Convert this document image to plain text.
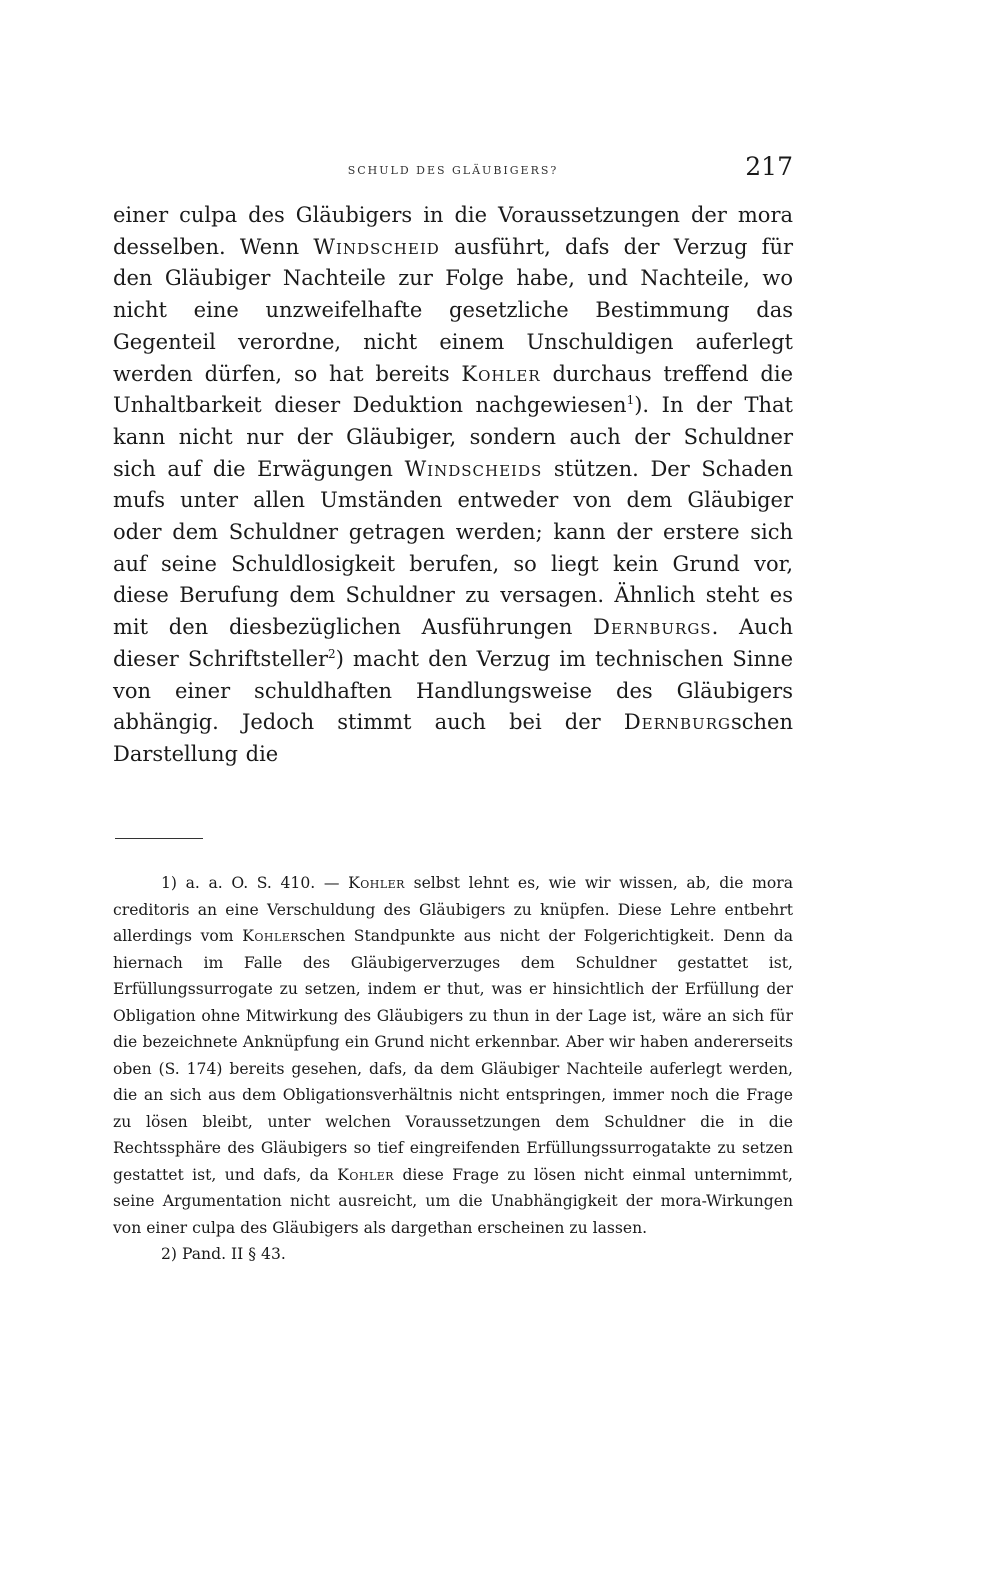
SCHULD DES GLÄUBIGERS?	217

einer culpa des Gläubigers in die Voraussetzungen der mora desselben. Wenn Windscheid ausführt, dafs der Verzug für den Gläubiger Nachteile zur Folge habe, und Nachteile, wo nicht eine unzweifelhafte gesetzliche Bestimmung das Gegenteil verordne, nicht einem Unschuldigen auferlegt werden dürfen, so hat bereits Kohler durchaus treffend die Unhaltbarkeit dieser Deduktion nachgewiesen$^1$). In der That kann nicht nur der Gläubiger, sondern auch der Schuldner sich auf die Erwägungen Windscheids stützen. Der Schaden mufs unter allen Umständen entweder von dem Gläubiger oder dem Schuldner getragen werden; kann der erstere sich auf seine Schuldlosigkeit berufen, so liegt kein Grund vor, diese Berufung dem Schuldner zu versagen. Ähnlich steht es mit den diesbezüglichen Ausführungen Dernburgs. Auch dieser Schriftsteller$^2$) macht den Verzug im technischen Sinne von einer schuldhaften Handlungsweise des Gläubigers abhängig. Jedoch stimmt auch bei der Dernburgschen Darstellung die

1) a. a. O. S. 410. — Kohler selbst lehnt es, wie wir wissen, ab, die mora creditoris an eine Verschuldung des Gläubigers zu knüpfen. Diese Lehre entbehrt allerdings vom Kohlerschen Standpunkte aus nicht der Folgerichtigkeit. Denn da hiernach im Falle des Gläubigerverzuges dem Schuldner gestattet ist, Erfüllungssurrogate zu setzen, indem er thut, was er hinsichtlich der Erfüllung der Obligation ohne Mitwirkung des Gläubigers zu thun in der Lage ist, wäre an sich für die bezeichnete Anknüpfung ein Grund nicht erkennbar. Aber wir haben andererseits oben (S. 174) bereits gesehen, dafs, da dem Gläubiger Nachteile auferlegt werden, die an sich aus dem Obligationsverhältnis nicht entspringen, immer noch die Frage zu lösen bleibt, unter welchen Voraussetzungen dem Schuldner die in die Rechtssphäre des Gläubigers so tief eingreifenden Erfüllungssurrogatakte zu setzen gestattet ist, und dafs, da Kohler diese Frage zu lösen nicht einmal unternimmt, seine Argumentation nicht ausreicht, um die Unabhängigkeit der mora-Wirkungen von einer culpa des Gläubigers als dargethan erscheinen zu lassen.

2) Pand. II § 43.
